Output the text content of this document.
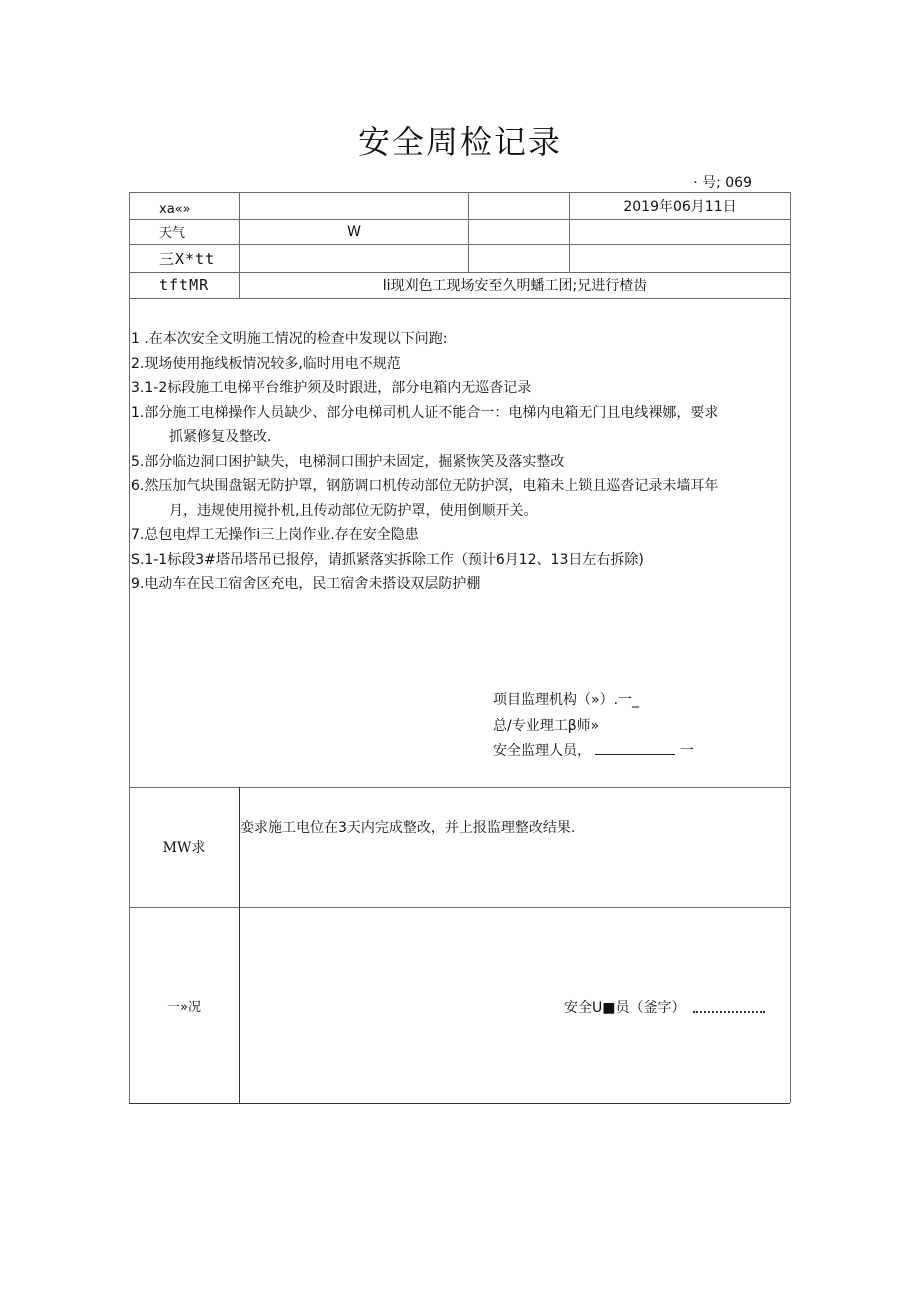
安全周检记录
· 号; 069
xa«»	2019年06月11日
天气	W
三X*tt
tftMR	li现刈色工现场安至久明蟠工团;兄进行楂齿
1 .在本次安全文明施工情况的检查中发现以下问跑:
2.现场使用拖线板情况较多,临时用电不规范
3.1-2标段施工电梯平台维护须及时跟进，部分电箱内无巡沓记录
1.部分施工电梯操作人员缺少、部分电梯司机人证不能合一：电梯内电箱无门且电线裸娜，要求
抓紧修复及整改.
5.部分临边洞口困护缺失，电梯洞口围护未固定，掘紧恢笑及落实整改
6.然压加气块围盘锯无防护罩，钢筋调口机传动部位无防护溟，电箱未上锁且巡沓记录未墙耳年
月，违规使用搅扑机,且传动部位无防护罩，使用倒顺开关。
7.总包电焊工无操作i三上岗作业.存在安全隐患
S.1-1标段3#塔吊塔吊已报停，请抓紧落实拆除工作（预计6月12、13日左右拆除)
9.电动车在民工宿舍区充电，民工宿舍未搭设双层防护棚
项目监理机构（»）.一_
总/专业理工β师»
安全监理人员，	一
MW求
娈求施工电位在3天内完成整改，并上报监理整改结果.
一»况	安全U■员（釜字）
